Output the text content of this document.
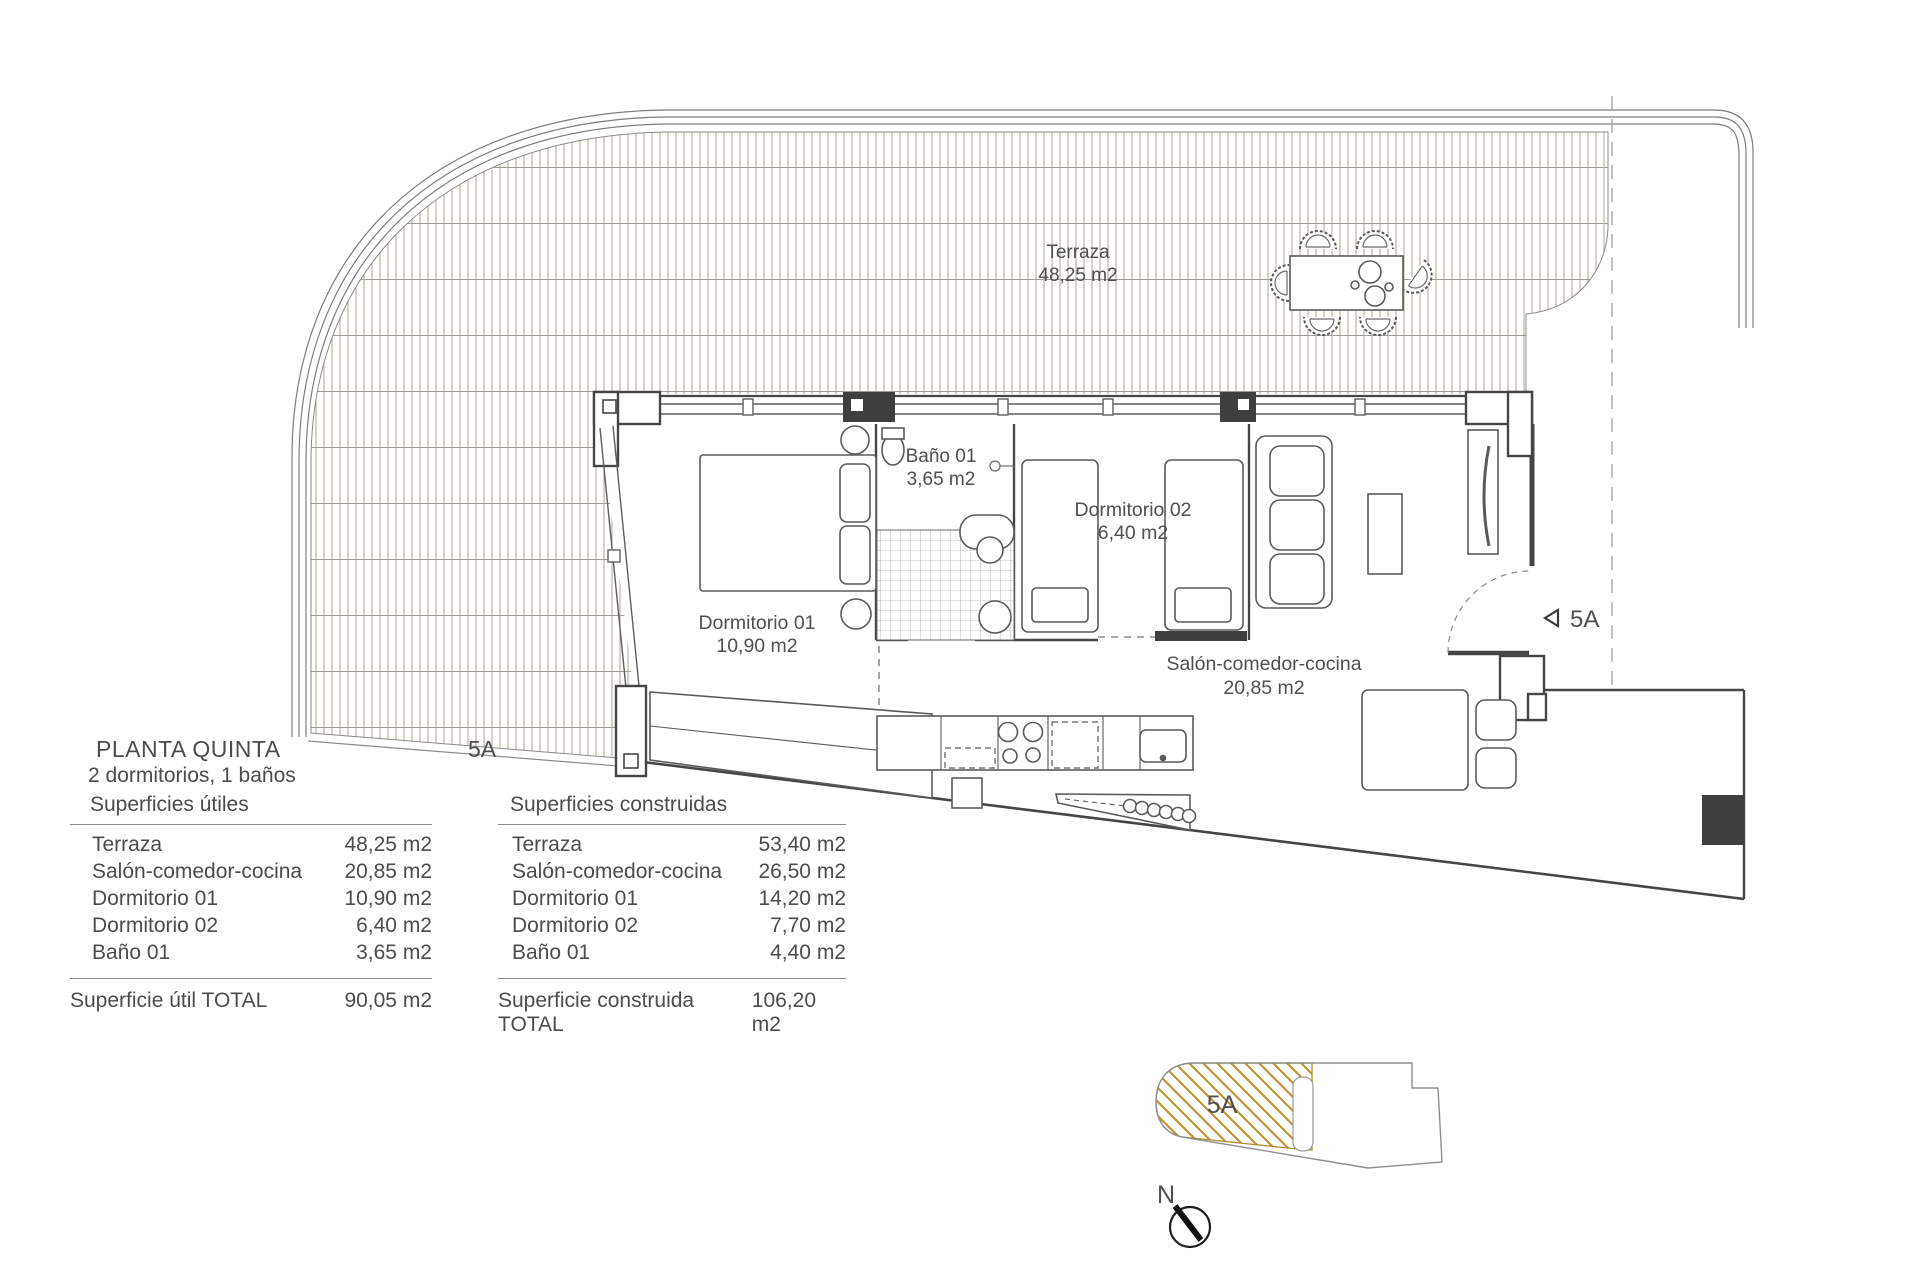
Terraza
48,25 m2
Baño 01
3,65 m2
Dormitorio 02
6,40 m2
Dormitorio 01
10,90 m2
Salón-comedor-cocina
20,85 m2
5A
5A
N
PLANTA QUINTA	5A
2 dormitorios, 1 baños
Superficies útiles
Terraza	48,25 m2
Salón-comedor-cocina 20,85 m2
Dormitorio 01	10,90 m2
Dormitorio 02	6,40 m2
Baño 01	3,65 m2
Superficie útil TOTAL	90,05 m2
Superficies construidas
Terraza	53,40 m2
Salón-comedor-cocina 26,50 m2
Dormitorio 01	14,20 m2
Dormitorio 02	7,70 m2
Baño 01	4,40 m2
Superficie construida TOTAL
106,20 m2
